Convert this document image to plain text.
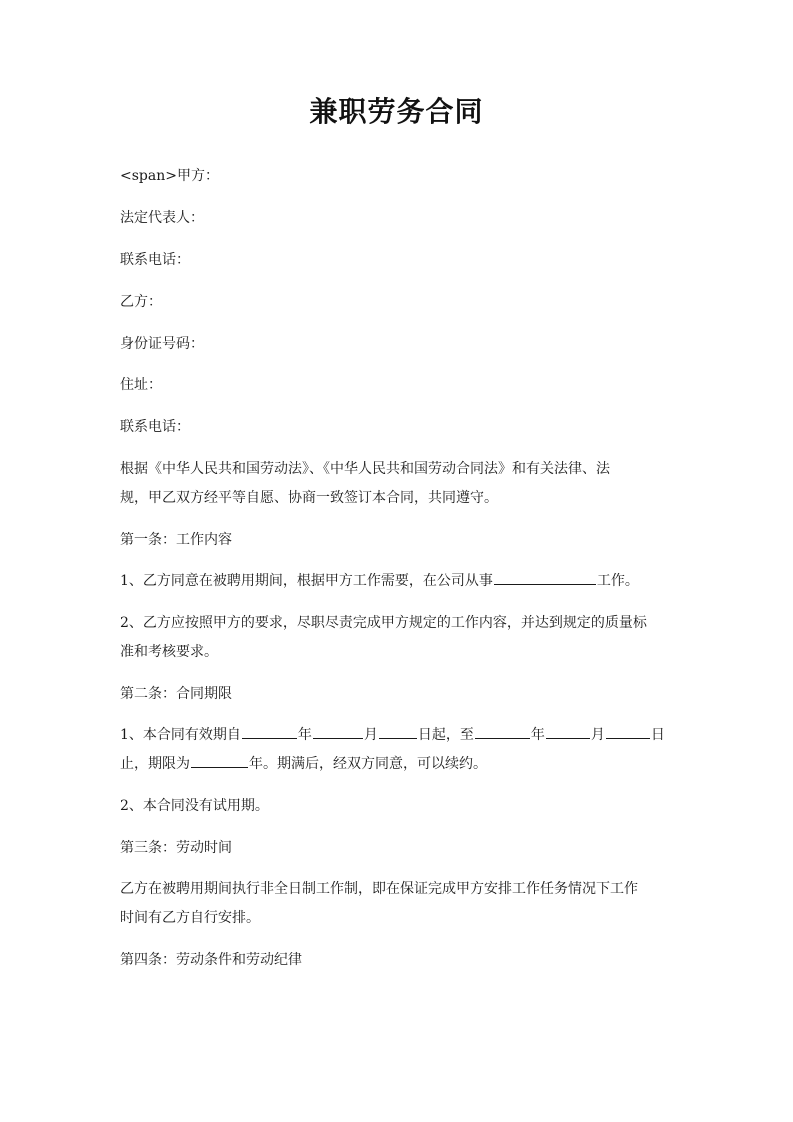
兼职劳务合同
<span>甲方：
法定代表人：
联系电话：
乙方：
身份证号码：
住址：
联系电话：
根据《中华人民共和国劳动法》、《中华人民共和国劳动合同法》和有关法律、法
规，甲乙双方经平等自愿、协商一致签订本合同，共同遵守。
第一条：工作内容
1、乙方同意在被聘用期间，根据甲方工作需要，在公司从事	工作。
2、乙方应按照甲方的要求，尽职尽责完成甲方规定的工作内容，并达到规定的质量标
准和考核要求。
第二条：合同期限
1、本合同有效期自	年	月	日起，至	年	月	日
止，期限为	年。期满后，经双方同意，可以续约。
2、本合同没有试用期。
第三条：劳动时间
乙方在被聘用期间执行非全日制工作制，即在保证完成甲方安排工作任务情况下工作
时间有乙方自行安排。
第四条：劳动条件和劳动纪律
